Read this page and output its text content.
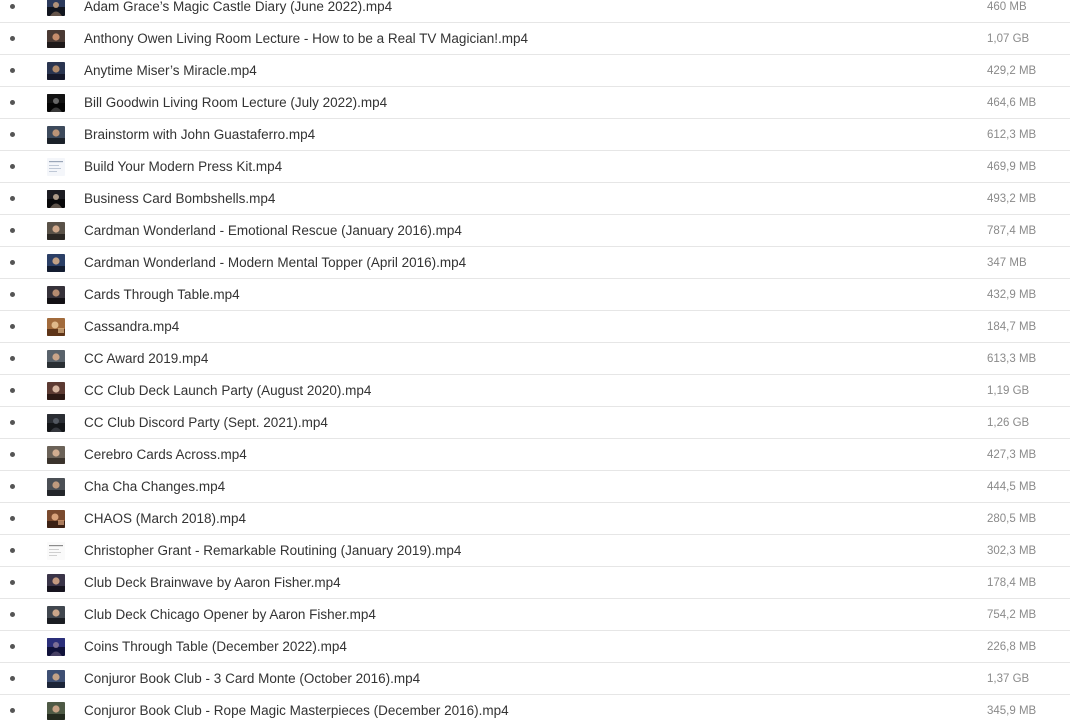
Adam Grace’s Magic Castle Diary (June 2022).mp4	460 MB
Anthony Owen Living Room Lecture - How to be a Real TV Magician!.mp4	1,07 GB
Anytime Miser’s Miracle.mp4	429,2 MB
Bill Goodwin Living Room Lecture (July 2022).mp4	464,6 MB
Brainstorm with John Guastaferro.mp4	612,3 MB
Build Your Modern Press Kit.mp4	469,9 MB
Business Card Bombshells.mp4	493,2 MB
Cardman Wonderland - Emotional Rescue (January 2016).mp4	787,4 MB
Cardman Wonderland - Modern Mental Topper (April 2016).mp4	347 MB
Cards Through Table.mp4	432,9 MB
Cassandra.mp4	184,7 MB
CC Award 2019.mp4	613,3 MB
CC Club Deck Launch Party (August 2020).mp4	1,19 GB
CC Club Discord Party (Sept. 2021).mp4	1,26 GB
Cerebro Cards Across.mp4	427,3 MB
Cha Cha Changes.mp4	444,5 MB
CHAOS (March 2018).mp4	280,5 MB
Christopher Grant - Remarkable Routining (January 2019).mp4	302,3 MB
Club Deck Brainwave by Aaron Fisher.mp4	178,4 MB
Club Deck Chicago Opener by Aaron Fisher.mp4	754,2 MB
Coins Through Table (December 2022).mp4	226,8 MB
Conjuror Book Club - 3 Card Monte (October 2016).mp4	1,37 GB
Conjuror Book Club - Rope Magic Masterpieces (December 2016).mp4	345,9 MB
